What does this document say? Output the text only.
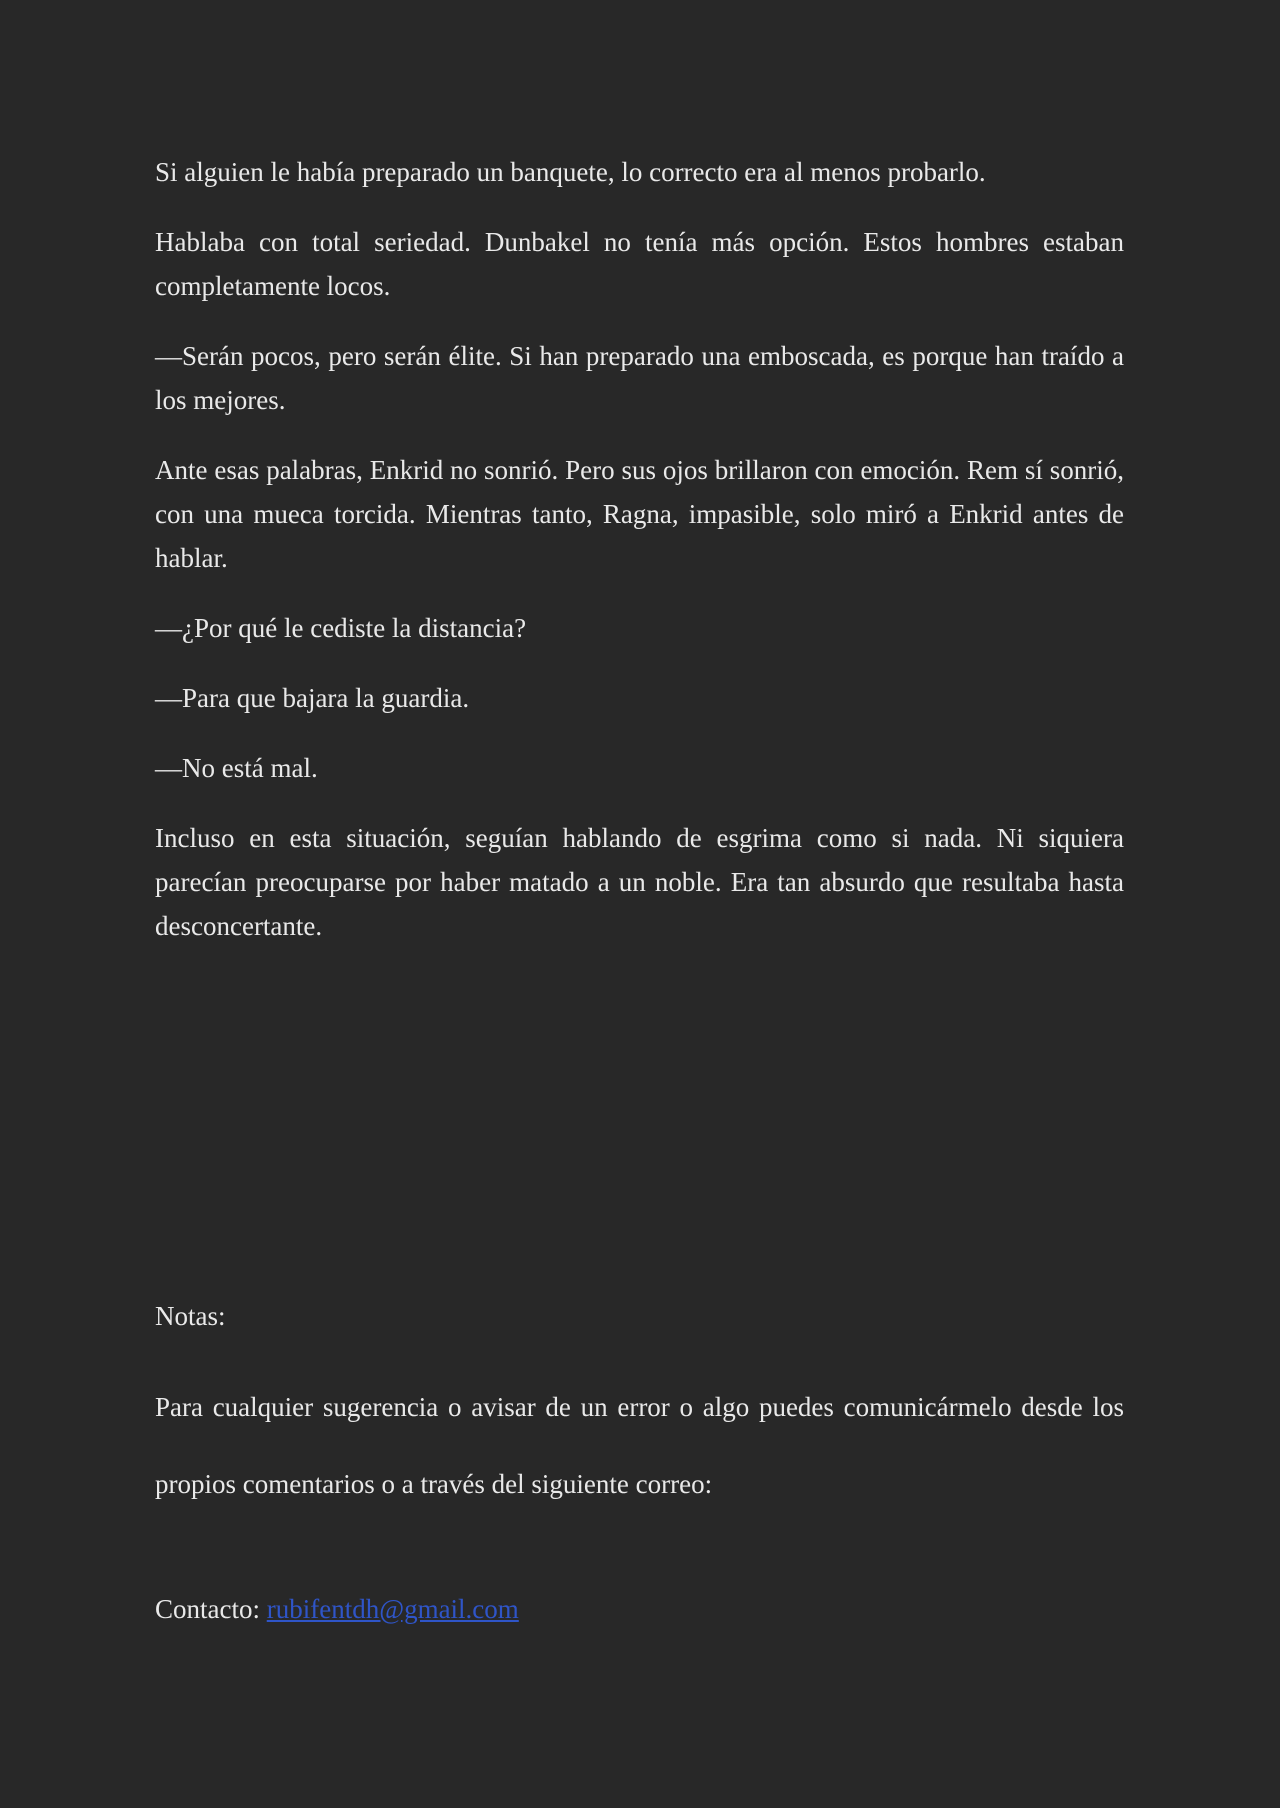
Si alguien le había preparado un banquete, lo correcto era al menos probarlo.

Hablaba con total seriedad. Dunbakel no tenía más opción. Estos hombres estaban completamente locos.

—Serán pocos, pero serán élite. Si han preparado una emboscada, es porque han traído a los mejores.

Ante esas palabras, Enkrid no sonrió. Pero sus ojos brillaron con emoción. Rem sí sonrió, con una mueca torcida. Mientras tanto, Ragna, impasible, solo miró a Enkrid antes de hablar.

—¿Por qué le cediste la distancia?

—Para que bajara la guardia.

—No está mal.

Incluso en esta situación, seguían hablando de esgrima como si nada. Ni siquiera parecían preocuparse por haber matado a un noble. Era tan absurdo que resultaba hasta desconcertante.

Notas:

Para cualquier sugerencia o avisar de un error o algo puedes comunicármelo desde los propios comentarios o a través del siguiente correo:

Contacto: rubifentdh@gmail.com
